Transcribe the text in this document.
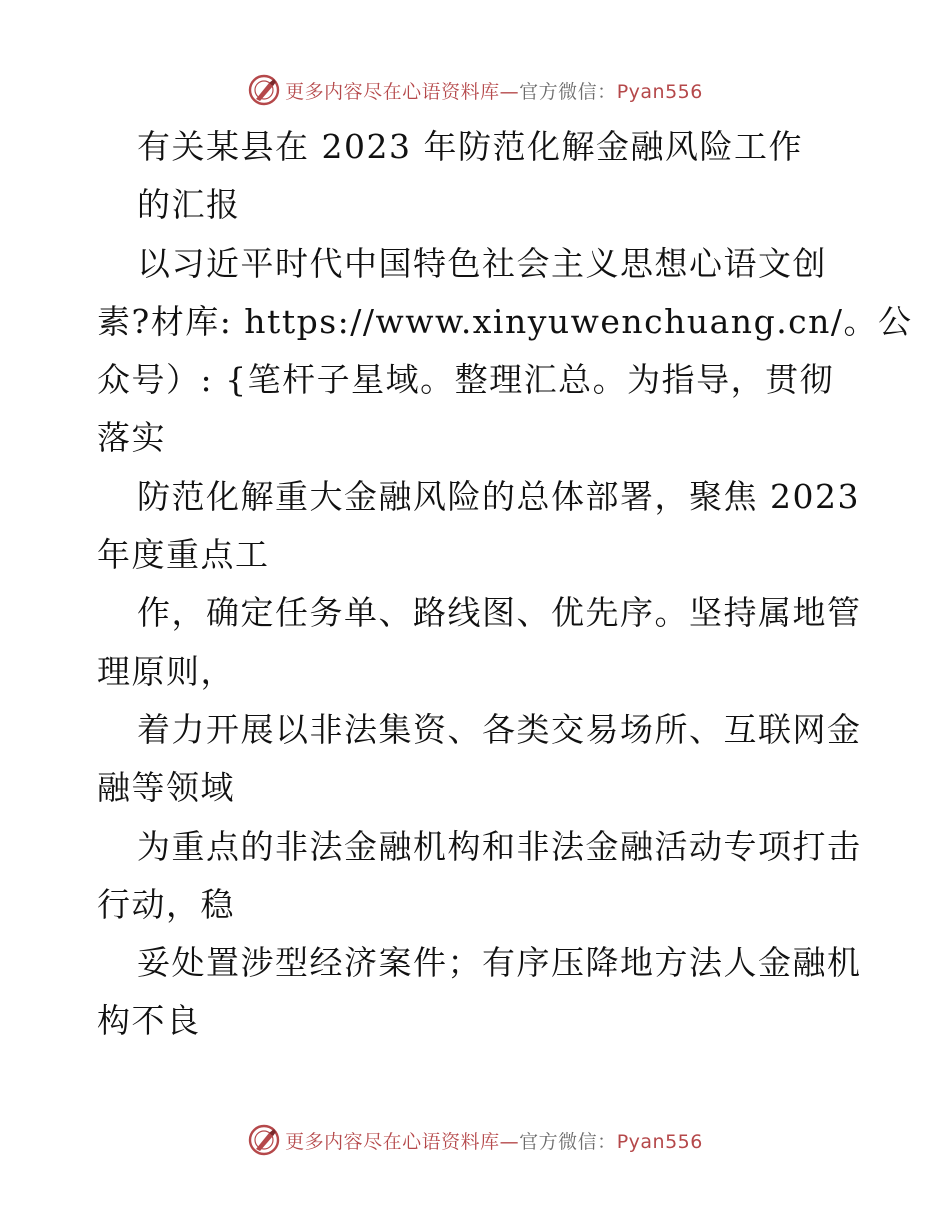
更多内容尽在心语资料库—官方微信：Pyan556
有关某县在 2023 年防范化解金融风险工作
的汇报
以习近平时代中国特色社会主义思想心语文创
素?材库: https://www.xinyuwenchuang.cn/。公
众号）: {笔杆子星域。整理汇总。为指导，贯彻
落实
防范化解重大金融风险的总体部署，聚焦 2023
年度重点工
作，确定任务单、路线图、优先序。坚持属地管
理原则，
着力开展以非法集资、各类交易场所、互联网金
融等领域
为重点的非法金融机构和非法金融活动专项打击
行动，稳
妥处置涉型经济案件；有序压降地方法人金融机
构不良
更多内容尽在心语资料库—官方微信：Pyan556
